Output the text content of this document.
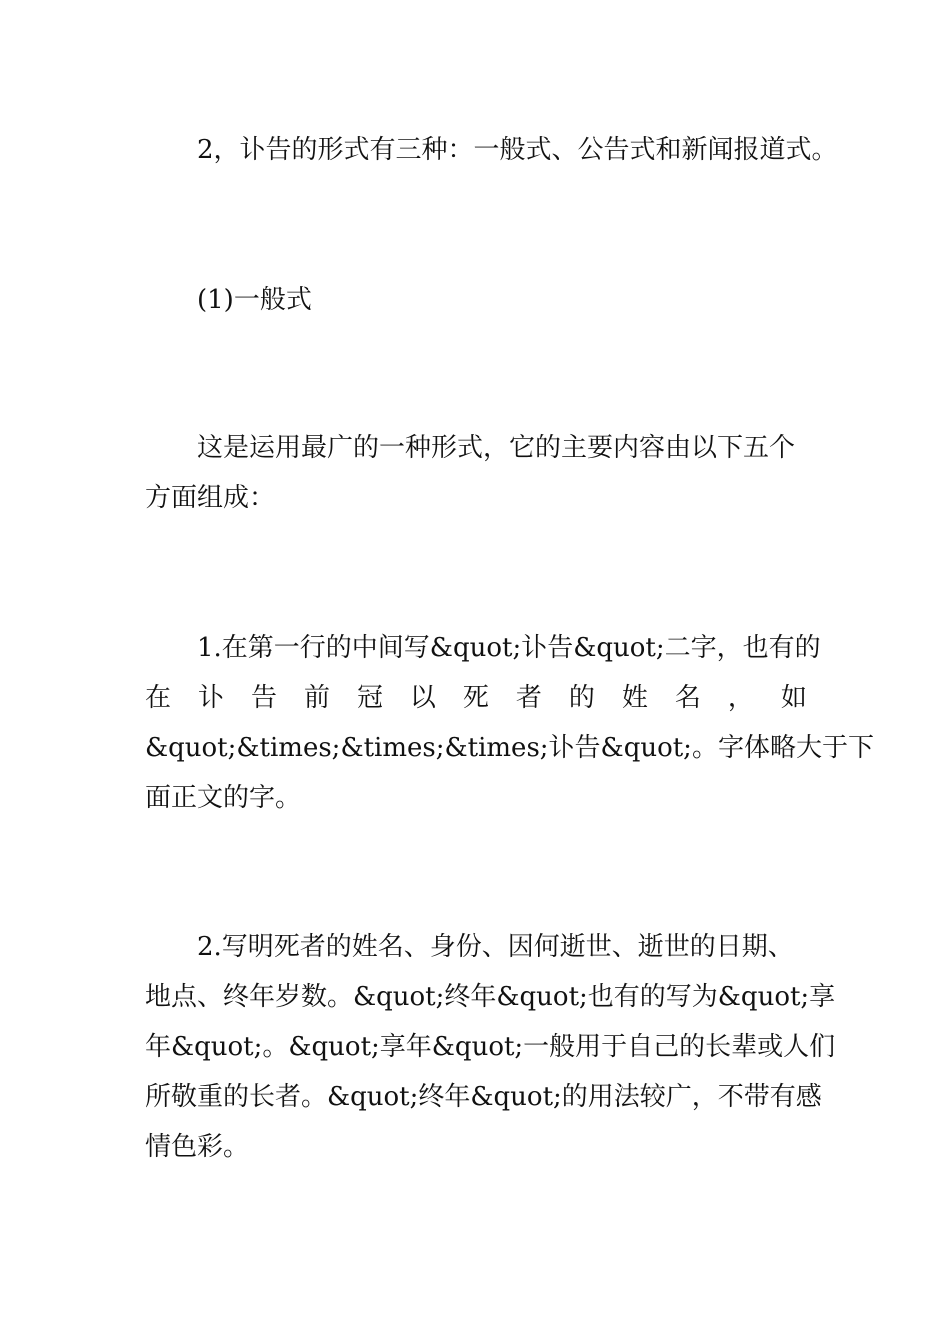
2，讣告的形式有三种：一般式、公告式和新闻报道式。
(1)一般式
这是运用最广的一种形式，它的主要内容由以下五个
方面组成：
1.在第一行的中间写&quot;讣告&quot;二字，也有的
在 讣 告 前 冠 以 死 者 的 姓 名 ， 如
&quot;&times;&times;&times;讣告&quot;。字体略大于下
面正文的字。
2.写明死者的姓名、身份、因何逝世、逝世的日期、
地点、终年岁数。&quot;终年&quot;也有的写为&quot;享
年&quot;。&quot;享年&quot;一般用于自己的长辈或人们
所敬重的长者。&quot;终年&quot;的用法较广，不带有感
情色彩。
